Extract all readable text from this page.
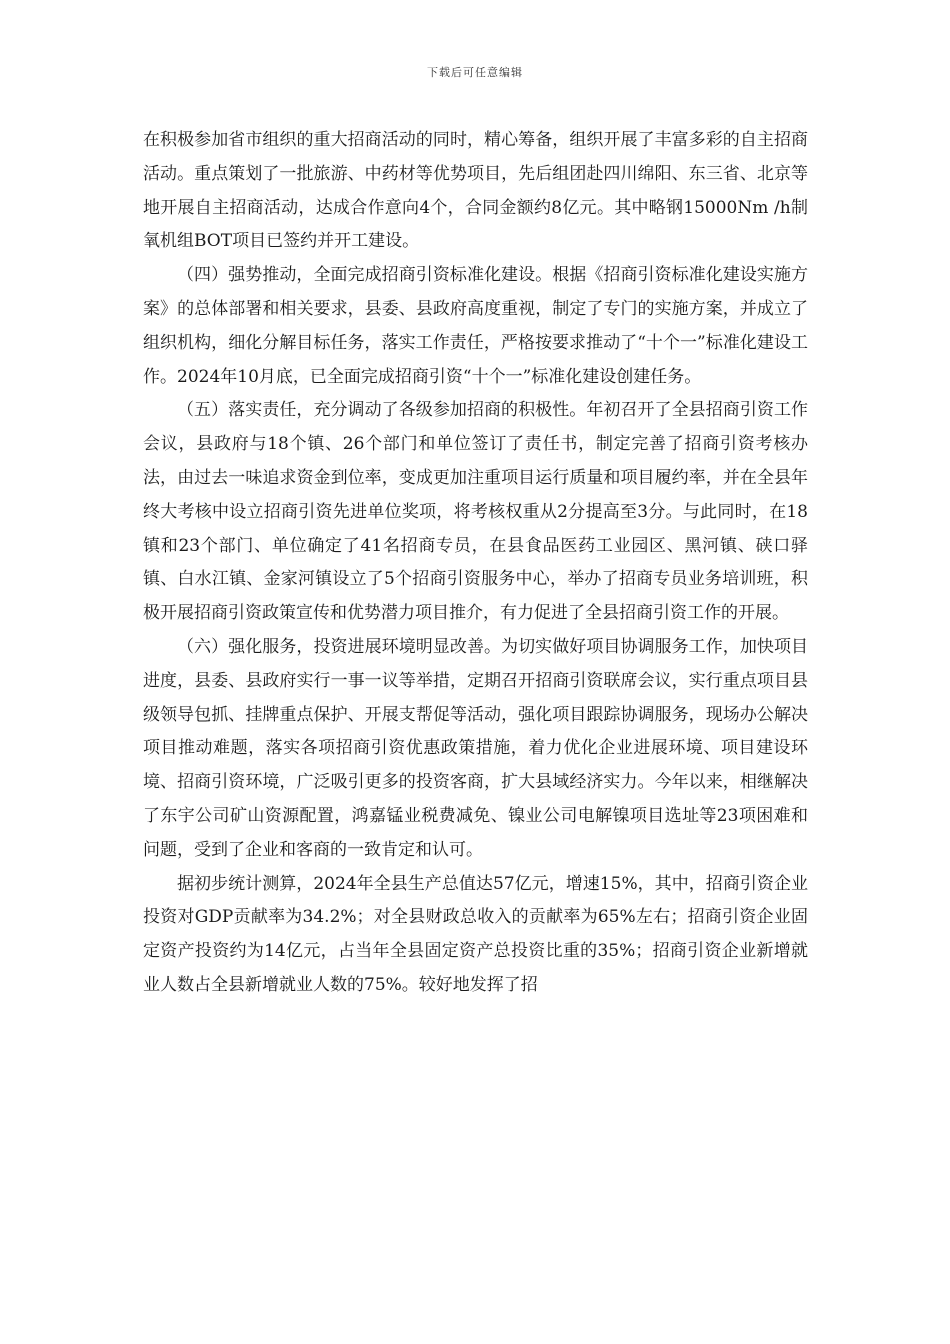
下载后可任意编辑

在积极参加省市组织的重大招商活动的同时，精心筹备，组织开展了丰富多彩的自主招商活动。重点策划了一批旅游、中药材等优势项目，先后组团赴四川绵阳、东三省、北京等地开展自主招商活动，达成合作意向4个，合同金额约8亿元。其中略钢15000Nm /h制氧机组BOT项目已签约并开工建设。

（四）强势推动，全面完成招商引资标准化建设。根据《招商引资标准化建设实施方案》的总体部署和相关要求，县委、县政府高度重视，制定了专门的实施方案，并成立了组织机构，细化分解目标任务，落实工作责任，严格按要求推动了“十个一”标准化建设工作。2024年10月底，已全面完成招商引资“十个一”标准化建设创建任务。

（五）落实责任，充分调动了各级参加招商的积极性。年初召开了全县招商引资工作会议，县政府与18个镇、26个部门和单位签订了责任书，制定完善了招商引资考核办法，由过去一味追求资金到位率，变成更加注重项目运行质量和项目履约率，并在全县年终大考核中设立招商引资先进单位奖项，将考核权重从2分提高至3分。与此同时，在18镇和23个部门、单位确定了41名招商专员，在县食品医药工业园区、黑河镇、硖口驿镇、白水江镇、金家河镇设立了5个招商引资服务中心，举办了招商专员业务培训班，积极开展招商引资政策宣传和优势潜力项目推介，有力促进了全县招商引资工作的开展。

（六）强化服务，投资进展环境明显改善。为切实做好项目协调服务工作，加快项目进度，县委、县政府实行一事一议等举措，定期召开招商引资联席会议，实行重点项目县级领导包抓、挂牌重点保护、开展支帮促等活动，强化项目跟踪协调服务，现场办公解决项目推动难题，落实各项招商引资优惠政策措施，着力优化企业进展环境、项目建设环境、招商引资环境，广泛吸引更多的投资客商，扩大县域经济实力。今年以来，相继解决了东宇公司矿山资源配置，鸿嘉锰业税费减免、镍业公司电解镍项目选址等23项困难和问题，受到了企业和客商的一致肯定和认可。

据初步统计测算，2024年全县生产总值达57亿元，增速15%，其中，招商引资企业投资对GDP贡献率为34.2%；对全县财政总收入的贡献率为65%左右；招商引资企业固定资产投资约为14亿元，占当年全县固定资产总投资比重的35%；招商引资企业新增就业人数占全县新增就业人数的75%。较好地发挥了招
